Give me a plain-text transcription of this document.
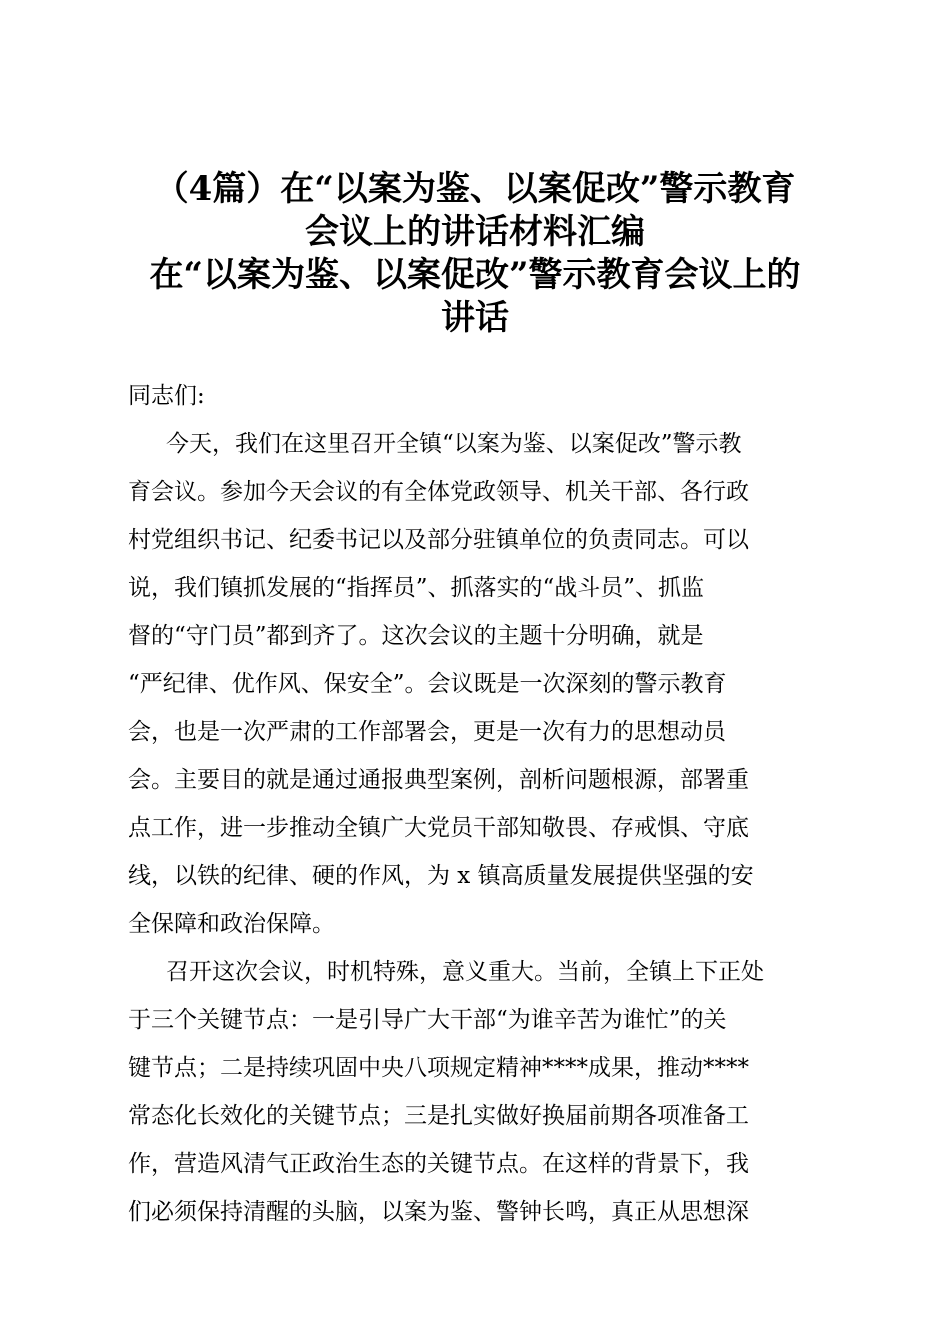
（4篇）在“以案为鉴、以案促改”警示教育
会议上的讲话材料汇编
在“以案为鉴、以案促改”警示教育会议上的
讲话
同志们:
今天，我们在这里召开全镇“以案为鉴、以案促改”警示教
育会议。参加今天会议的有全体党政领导、机关干部、各行政
村党组织书记、纪委书记以及部分驻镇单位的负责同志。可以
说，我们镇抓发展的“指挥员”、抓落实的“战斗员”、抓监
督的“守门员”都到齐了。这次会议的主题十分明确，就是
“严纪律、优作风、保安全”。会议既是一次深刻的警示教育
会，也是一次严肃的工作部署会，更是一次有力的思想动员
会。主要目的就是通过通报典型案例，剖析问题根源，部署重
点工作，进一步推动全镇广大党员干部知敬畏、存戒惧、守底
线，以铁的纪律、硬的作风，为 x 镇高质量发展提供坚强的安
全保障和政治保障。
召开这次会议，时机特殊，意义重大。当前，全镇上下正处
于三个关键节点：一是引导广大干部“为谁辛苦为谁忙”的关
键节点；二是持续巩固中央八项规定精神****成果，推动****
常态化长效化的关键节点；三是扎实做好换届前期各项准备工
作，营造风清气正政治生态的关键节点。在这样的背景下，我
们必须保持清醒的头脑，以案为鉴、警钟长鸣，真正从思想深
